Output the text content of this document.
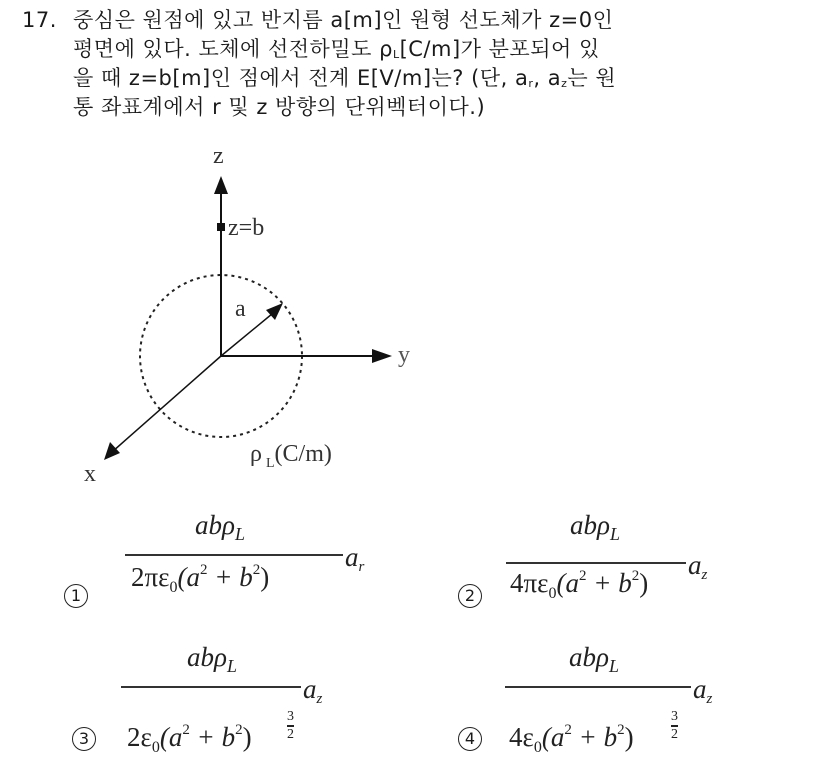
17. 중심은 원점에 있고 반지름 a[m]인 원형 선도체가 z=0인
평면에 있다. 도체에 선전하밀도 $\rho_L[C/m]$가 분포되어 있
을 때 z=b[m]인 점에서 전계 E[V/m]는? (단, $a_r$, $a_z$는 원
통 좌표계에서 r 및 z 방향의 단위벡터이다.)
z
z=b
a
y
x
ρ $_L$(C/m)
1
abρ$_L$
$2\pi\varepsilon_0(a^2 + b^2)$
$a_r$
2
abρ$_L$
$4\pi\varepsilon_0(a^2 + b^2)$
$a_z$
3
abρ$_L$
$2\varepsilon_0(a^2 + b^2)$
3
2
$a_z$
4
abρ$_L$
$4\varepsilon_0(a^2 + b^2)$
3
2
$a_z$
